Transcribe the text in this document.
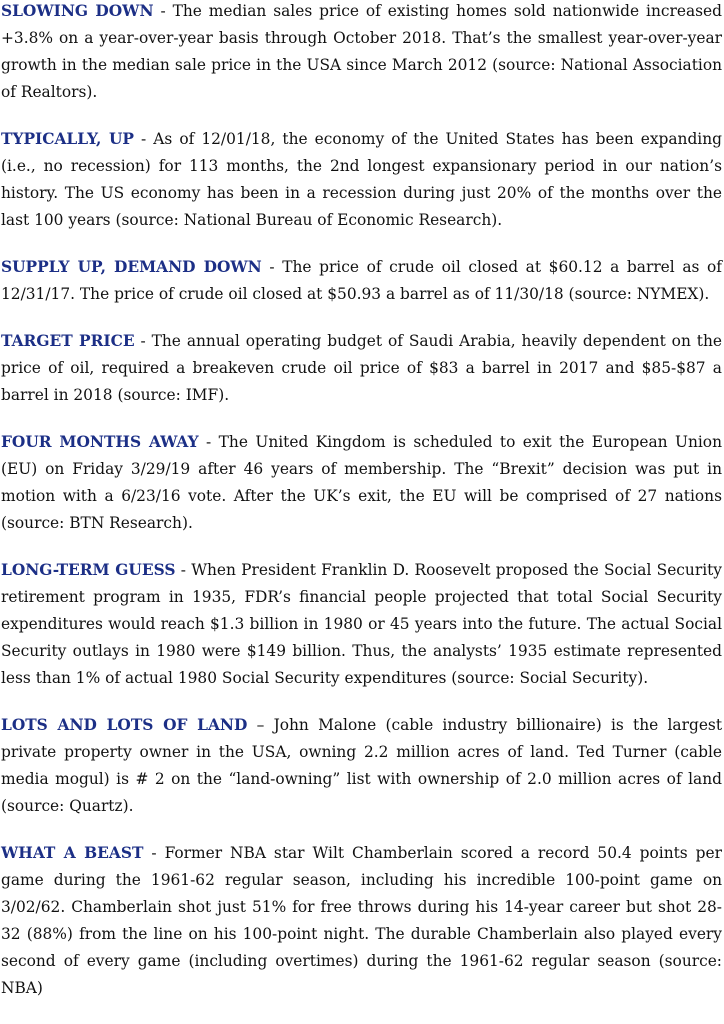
SLOWING DOWN - The median sales price of existing homes sold nationwide increased +3.8% on a year-over-year basis through October 2018. That’s the smallest year-over-year growth in the median sale price in the USA since March 2012 (source: National Association of Realtors).

TYPICALLY, UP - As of 12/01/18, the economy of the United States has been expanding (i.e., no recession) for 113 months, the 2nd longest expansionary period in our nation’s history. The US economy has been in a recession during just 20% of the months over the last 100 years (source: National Bureau of Economic Research).

SUPPLY UP, DEMAND DOWN - The price of crude oil closed at $60.12 a barrel as of 12/31/17. The price of crude oil closed at $50.93 a barrel as of 11/30/18 (source: NYMEX).

TARGET PRICE - The annual operating budget of Saudi Arabia, heavily dependent on the price of oil, required a breakeven crude oil price of $83 a barrel in 2017 and $85-$87 a barrel in 2018 (source: IMF).

FOUR MONTHS AWAY - The United Kingdom is scheduled to exit the European Union (EU) on Friday 3/29/19 after 46 years of membership. The “Brexit” decision was put in motion with a 6/23/16 vote. After the UK’s exit, the EU will be comprised of 27 nations (source: BTN Research).

LONG-TERM GUESS - When President Franklin D. Roosevelt proposed the Social Security retirement program in 1935, FDR’s financial people projected that total Social Security expenditures would reach $1.3 billion in 1980 or 45 years into the future. The actual Social Security outlays in 1980 were $149 billion. Thus, the analysts’ 1935 estimate represented less than 1% of actual 1980 Social Security expenditures (source: Social Security).

LOTS AND LOTS OF LAND – John Malone (cable industry billionaire) is the largest private property owner in the USA, owning 2.2 million acres of land. Ted Turner (cable media mogul) is # 2 on the “land-owning” list with ownership of 2.0 million acres of land (source: Quartz).

WHAT A BEAST - Former NBA star Wilt Chamberlain scored a record 50.4 points per game during the 1961-62 regular season, including his incredible 100-point game on 3/02/62. Chamberlain shot just 51% for free throws during his 14-year career but shot 28-32 (88%) from the line on his 100-point night. The durable Chamberlain also played every second of every game (including overtimes) during the 1961-62 regular season (source: NBA)
